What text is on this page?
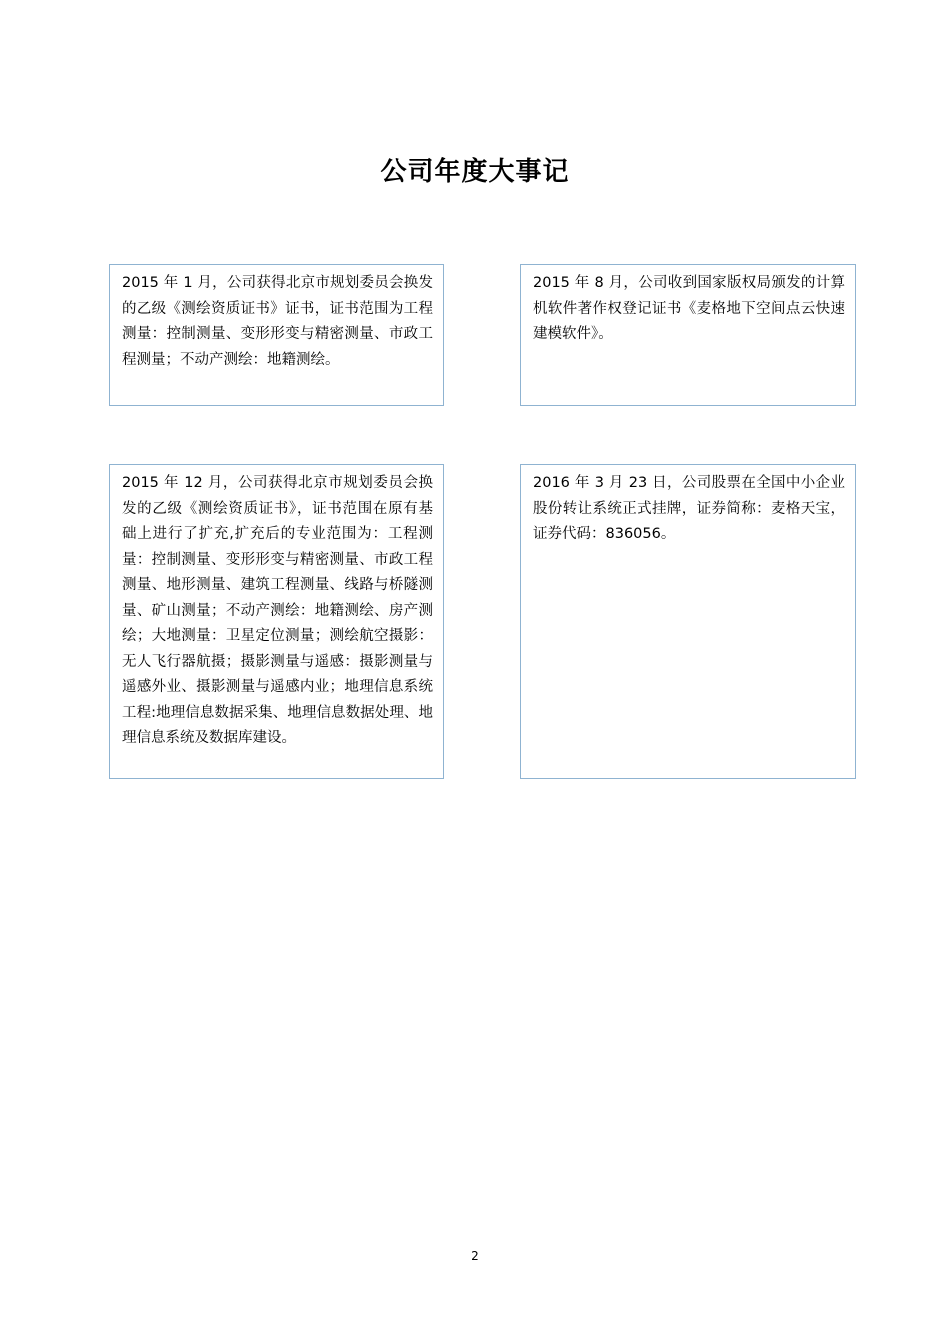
公司年度大事记
2015 年 1 月，公司获得北京市规划委员会换发的乙级《测绘资质证书》证书，证书范围为工程测量：控制测量、变形形变与精密测量、市政工程测量；不动产测绘：地籍测绘。
2015 年 8 月，公司收到国家版权局颁发的计算机软件著作权登记证书《麦格地下空间点云快速建模软件》。
2015 年 12 月，公司获得北京市规划委员会换发的乙级《测绘资质证书》，证书范围在原有基础上进行了扩充,扩充后的专业范围为：工程测量：控制测量、变形形变与精密测量、市政工程测量、地形测量、建筑工程测量、线路与桥隧测量、矿山测量；不动产测绘：地籍测绘、房产测绘；大地测量：卫星定位测量；测绘航空摄影：无人飞行器航摄；摄影测量与遥感：摄影测量与遥感外业、摄影测量与遥感内业；地理信息系统工程:地理信息数据采集、地理信息数据处理、地理信息系统及数据库建设。
2016 年 3 月 23 日，公司股票在全国中小企业股份转让系统正式挂牌，证券简称：麦格天宝，证券代码：836056。
2
